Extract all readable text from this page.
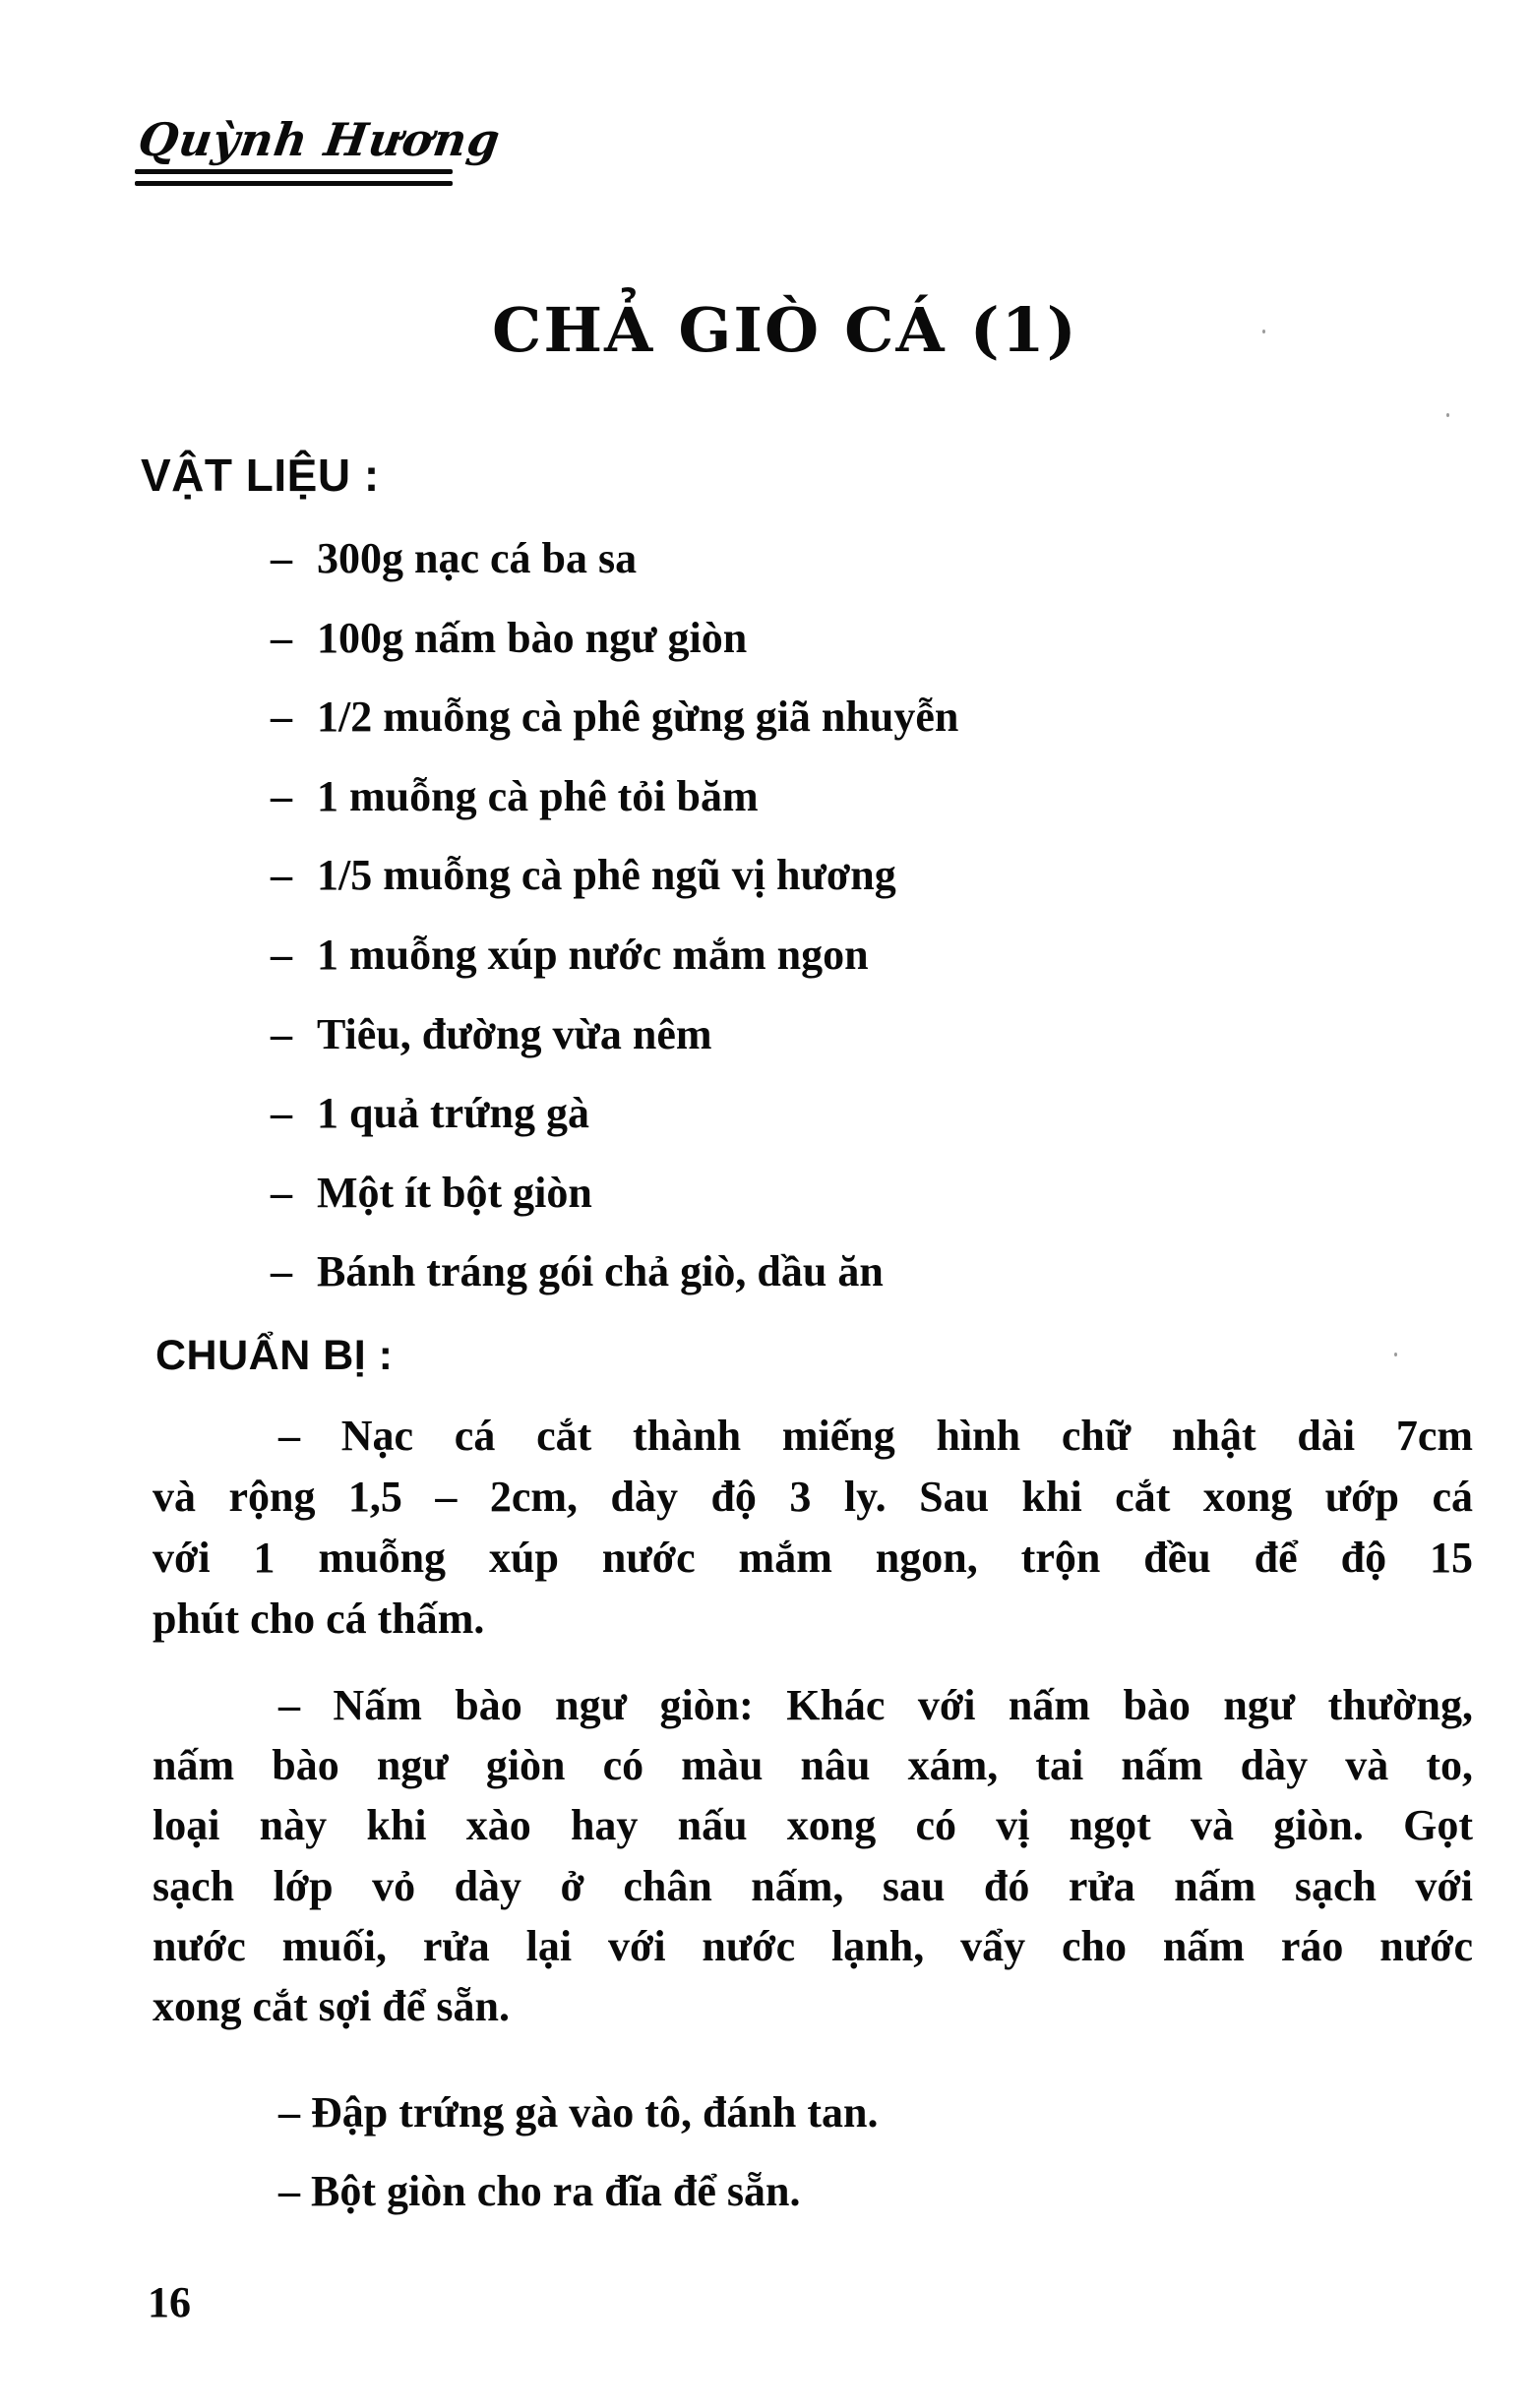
Quỳnh Hương
CHẢ GIÒ CÁ (1)
VẬT LIỆU :
– 300g nạc cá ba sa
– 100g nấm bào ngư giòn
– 1/2 muỗng cà phê gừng giã nhuyễn
– 1 muỗng cà phê tỏi băm
– 1/5 muỗng cà phê ngũ vị hương
– 1 muỗng xúp nước mắm ngon
– Tiêu, đường vừa nêm
– 1 quả trứng gà
– Một ít bột giòn
– Bánh tráng gói chả giò, dầu ăn
CHUẨN BỊ :
– Nạc cá cắt thành miếng hình chữ nhật dài 7cm
và rộng 1,5 – 2cm, dày độ 3 ly. Sau khi cắt xong ướp cá
với 1 muỗng xúp nước mắm ngon, trộn đều để độ 15
phút cho cá thấm.
– Nấm bào ngư giòn: Khác với nấm bào ngư thường,
nấm bào ngư giòn có màu nâu xám, tai nấm dày và to,
loại này khi xào hay nấu xong có vị ngọt và giòn. Gọt
sạch lớp vỏ dày ở chân nấm, sau đó rửa nấm sạch với
nước muối, rửa lại với nước lạnh, vẩy cho nấm ráo nước
xong cắt sợi để sẵn.
– Đập trứng gà vào tô, đánh tan.
– Bột giòn cho ra đĩa để sẵn.
16
